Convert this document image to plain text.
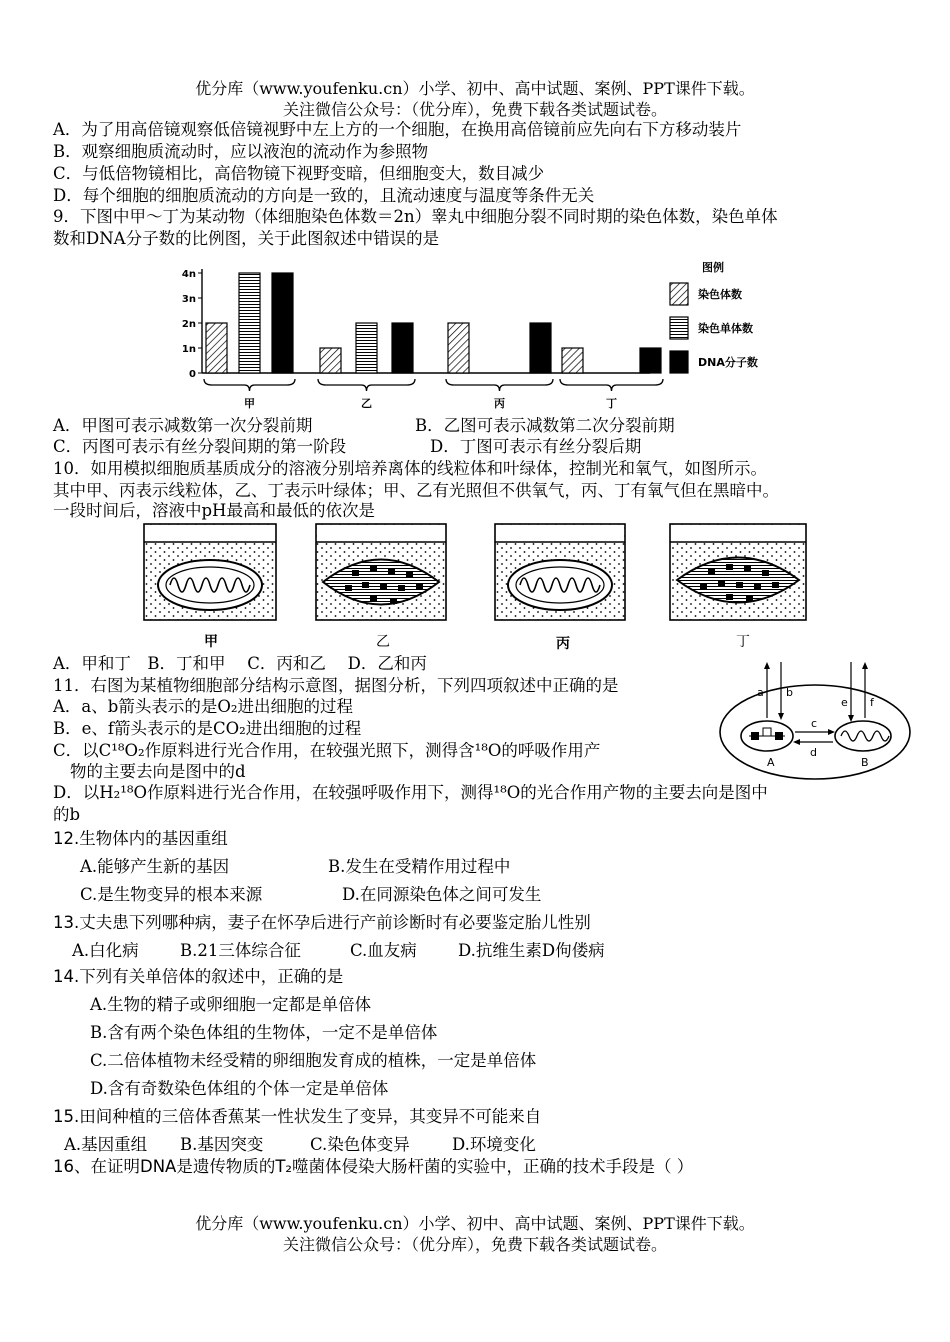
优分库（www.youfenku.cn）小学、初中、高中试题、案例、PPT课件下载。
关注微信公众号：（优分库），免费下载各类试题试卷。
A．为了用高倍镜观察低倍镜视野中左上方的一个细胞，在换用高倍镜前应先向右下方移动装片
B．观察细胞质流动时，应以液泡的流动作为参照物
C．与低倍物镜相比，高倍物镜下视野变暗，但细胞变大，数目减少
D．每个细胞的细胞质流动的方向是一致的，且流动速度与温度等条件无关
9．下图中甲～丁为某动物（体细胞染色体数＝2n）睾丸中细胞分裂不同时期的染色体数，染色单体
数和DNA分子数的比例图，关于此图叙述中错误的是
0
1n
2n
3n
4n
甲	乙	丙	丁
图例
染色体数
染色单体数
DNA分子数
A．甲图可表示减数第一次分裂前期	B．乙图可表示减数第二次分裂前期
C．丙图可表示有丝分裂间期的第一阶段	D．丁图可表示有丝分裂后期
10．如用模拟细胞质基质成分的溶液分别培养离体的线粒体和叶绿体，控制光和氧气，如图所示。
其中甲、丙表示线粒体，乙、丁表示叶绿体；甲、乙有光照但不供氧气，丙、丁有氧气但在黑暗中。
一段时间后，溶液中pH最高和最低的依次是
甲	乙	丙	丁
A．甲和丁　B．丁和甲　 C．丙和乙　 D．乙和丙
11．右图为某植物细胞部分结构示意图，据图分析，下列四项叙述中正确的是
A．a、b箭头表示的是O₂进出细胞的过程
B．e、f箭头表示的是CO₂进出细胞的过程
C．以C¹⁸O₂作原料进行光合作用，在较强光照下，测得含¹⁸O的呼吸作用产
物的主要去向是图中的d
D．以H₂¹⁸O作原料进行光合作用，在较强呼吸作用下，测得¹⁸O的光合作用产物的主要去向是图中
的b
a b
e f
c
d
A	B
12.生物体内的基因重组
A.能够产生新的基因	B.发生在受精作用过程中
C.是生物变异的根本来源	D.在同源染色体之间可发生
13.丈夫患下列哪种病，妻子在怀孕后进行产前诊断时有必要鉴定胎儿性别
A.白化病	B.21三体综合征	C.血友病 D.抗维生素D佝偻病
14.下列有关单倍体的叙述中，正确的是
A.生物的精子或卵细胞一定都是单倍体
B.含有两个染色体组的生物体，一定不是单倍体
C.二倍体植物未经受精的卵细胞发育成的植株，一定是单倍体
D.含有奇数染色体组的个体一定是单倍体
15.田间种植的三倍体香蕉某一性状发生了变异，其变异不可能来自
A.基因重组 B.基因突变	C.染色体变异	D.环境变化
16、在证明DNA是遗传物质的T₂噬菌体侵染大肠杆菌的实验中，正确的技术手段是（ ）
优分库（www.youfenku.cn）小学、初中、高中试题、案例、PPT课件下载。
关注微信公众号：（优分库），免费下载各类试题试卷。
